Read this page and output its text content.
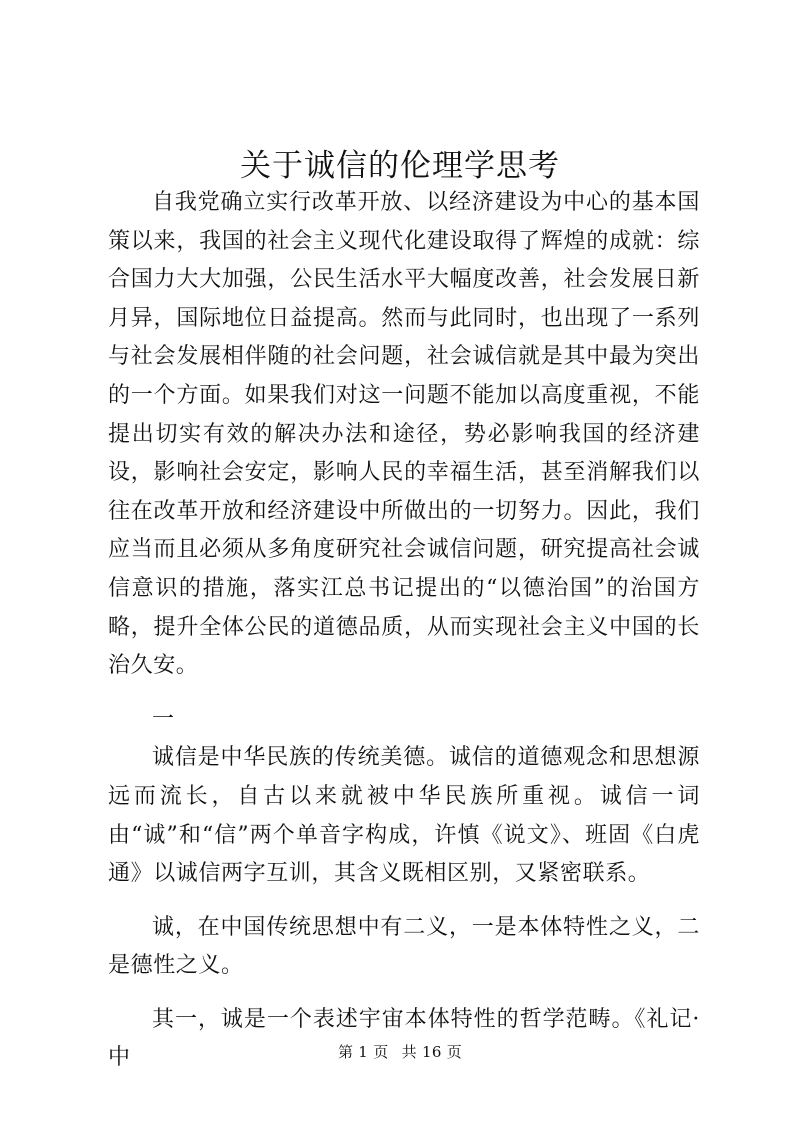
关于诚信的伦理学思考

自我党确立实行改革开放、以经济建设为中心的基本国策以来，我国的社会主义现代化建设取得了辉煌的成就：综合国力大大加强，公民生活水平大幅度改善，社会发展日新月异，国际地位日益提高。然而与此同时，也出现了一系列与社会发展相伴随的社会问题，社会诚信就是其中最为突出的一个方面。如果我们对这一问题不能加以高度重视，不能提出切实有效的解决办法和途径，势必影响我国的经济建设，影响社会安定，影响人民的幸福生活，甚至消解我们以往在改革开放和经济建设中所做出的一切努力。因此，我们应当而且必须从多角度研究社会诚信问题，研究提高社会诚信意识的措施，落实江总书记提出的“以德治国”的治国方略，提升全体公民的道德品质，从而实现社会主义中国的长治久安。

一

诚信是中华民族的传统美德。诚信的道德观念和思想源远而流长，自古以来就被中华民族所重视。诚信一词由“诚”和“信”两个单音字构成，许慎《说文》、班固《白虎通》以诚信两字互训，其含义既相区别，又紧密联系。

诚，在中国传统思想中有二义，一是本体特性之义，二是德性之义。

其一，诚是一个表述宇宙本体特性的哲学范畴。《礼记·中	第 1 页 共 16 页
